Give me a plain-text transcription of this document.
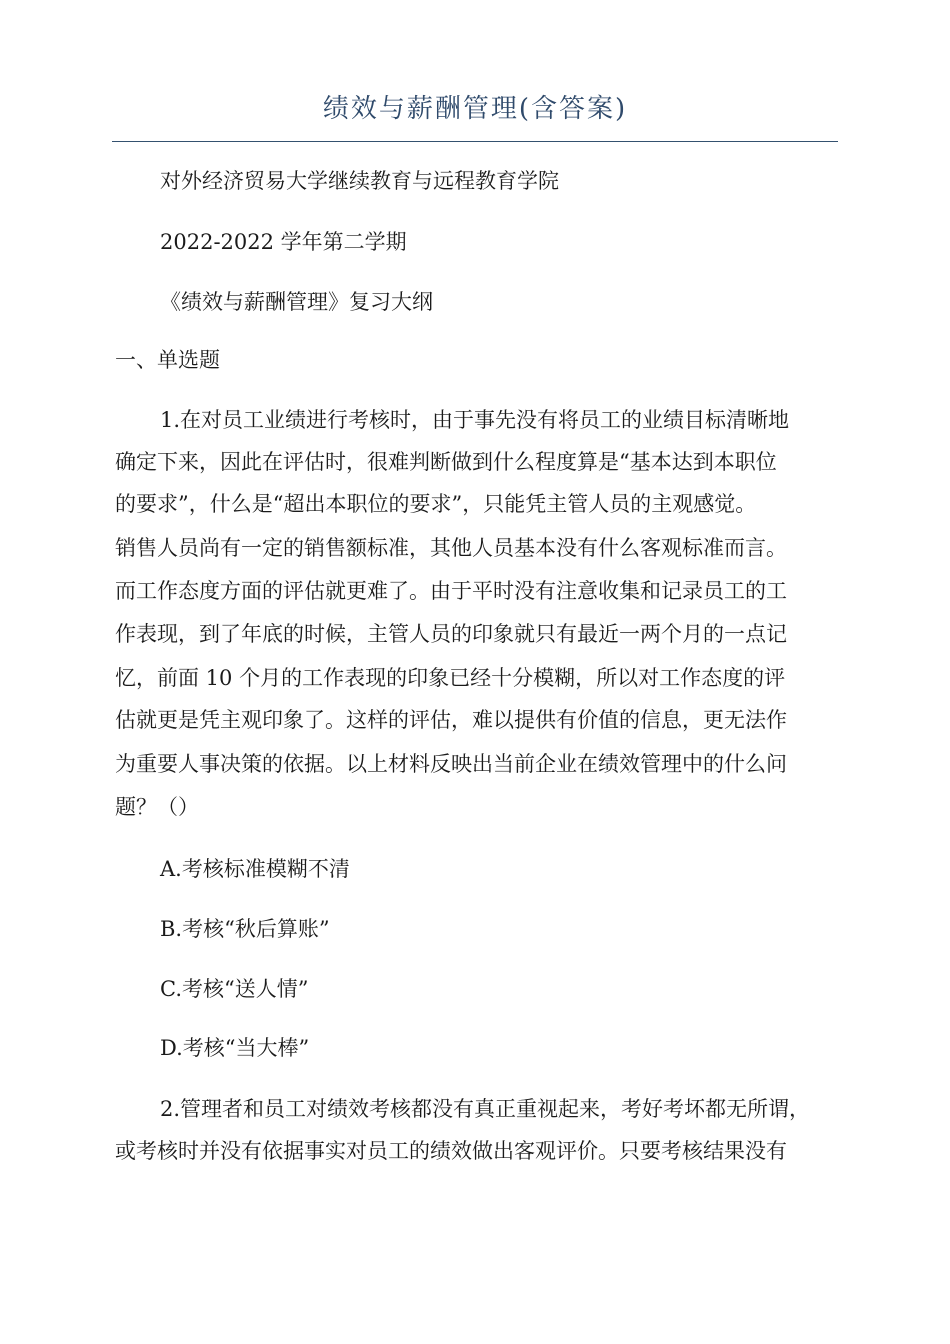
绩效与薪酬管理(含答案)
对外经济贸易大学继续教育与远程教育学院
2022-2022 学年第二学期
《绩效与薪酬管理》复习大纲
一、单选题
1.在对员工业绩进行考核时，由于事先没有将员工的业绩目标清晰地
确定下来，因此在评估时，很难判断做到什么程度算是“基本达到本职位
的要求”，什么是“超出本职位的要求”，只能凭主管人员的主观感觉。
销售人员尚有一定的销售额标准，其他人员基本没有什么客观标准而言。
而工作态度方面的评估就更难了。由于平时没有注意收集和记录员工的工
作表现，到了年底的时候，主管人员的印象就只有最近一两个月的一点记
忆，前面 10 个月的工作表现的印象已经十分模糊，所以对工作态度的评
估就更是凭主观印象了。这样的评估，难以提供有价值的信息，更无法作
为重要人事决策的依据。以上材料反映出当前企业在绩效管理中的什么问
题？（）
A.考核标准模糊不清
B.考核“秋后算账”
C.考核“送人情”
D.考核“当大棒”
2.管理者和员工对绩效考核都没有真正重视起来，考好考坏都无所谓，
或考核时并没有依据事实对员工的绩效做出客观评价。只要考核结果没有
